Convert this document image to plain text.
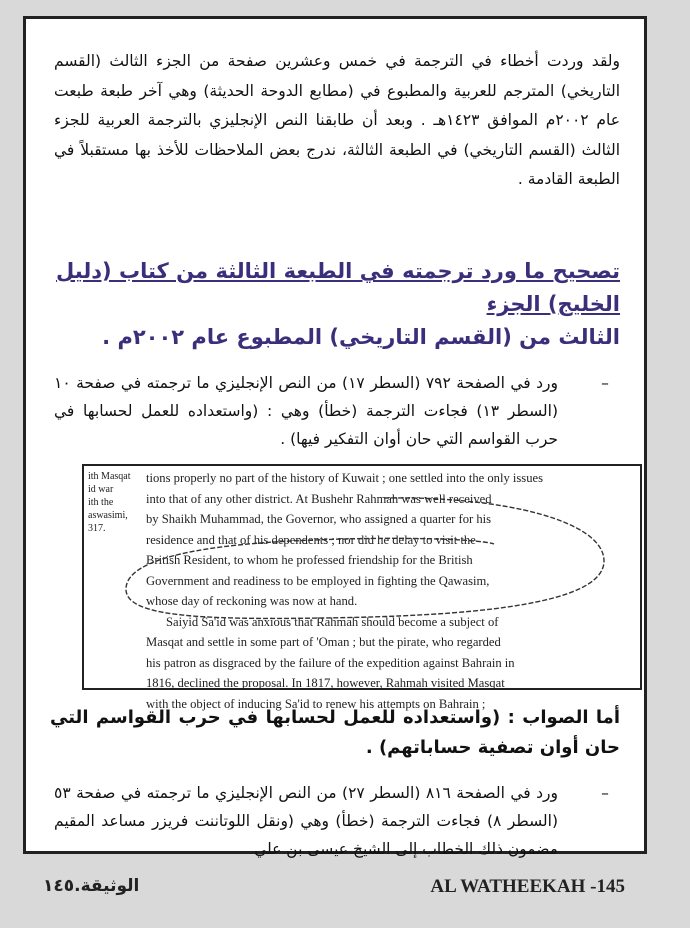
ولقد وردت أخطاء في الترجمة في خمس وعشرين صفحة من الجزء الثالث (القسم التاريخي) المترجم للعربية والمطبوع في (مطابع الدوحة الحديثة) وهي آخر طبعة طبعت عام ٢٠٠٢م الموافق ١٤٢٣هـ . وبعد أن طابقنا النص الإنجليزي بالترجمة العربية للجزء الثالث (القسم التاريخي) في الطبعة الثالثة، ندرج بعض الملاحظات للأخذ بها مستقبلاً في الطبعة القادمة .
تصحيح ما ورد ترجمته في الطبعة الثالثة من كتاب (دليل الخليج) الجزء
الثالث من (القسم التاريخي) المطبوع عام ٢٠٠٢م .
–
ورد في الصفحة ٧٩٢ (السطر ١٧) من النص الإنجليزي ما ترجمته في صفحة ١٠ (السطر ١٣) فجاءت الترجمة (خطأ) وهي : (واستعداده للعمل لحسابها في حرب القواسم التي حان أوان التفكير فيها) .
ith Masqat
id war
ith the
aswasimi,
317.
tions properly no part of the history of Kuwait ; one settled into the only issues
into that of any other district. At Bushehr Rahmah was well received
by Shaikh Muhammad, the Governor, who assigned a quarter for his
residence and that of his dependents ; nor did he delay to visit the
British Resident, to whom he professed friendship for the British
Government and readiness to be employed in fighting the Qawasim,
whose day of reckoning was now at hand.
Saiyid Sa'id was anxious that Rahmah should become a subject of
Masqat and settle in some part of 'Oman ; but the pirate, who regarded
his patron as disgraced by the failure of the expedition against Bahrain in
1816, declined the proposal. In 1817, however, Rahmah visited Masqat
with the object of inducing Sa'id to renew his attempts on Bahrain ;
أما الصواب : (واستعداده للعمل لحسابها في حرب القواسم التي حان أوان تصفية حساباتهم) .
–
ورد في الصفحة ٨١٦ (السطر ٢٧) من النص الإنجليزي ما ترجمته في صفحة ٥٣ (السطر ٨) فجاءت الترجمة (خطأ) وهي (ونقل اللوتاننت فريزر مساعد المقيم مضمون ذلك الخطاب إلى الشيخ عيسى بن علي
الوثيقة.١٤٥	AL WATHEEKAH -145
